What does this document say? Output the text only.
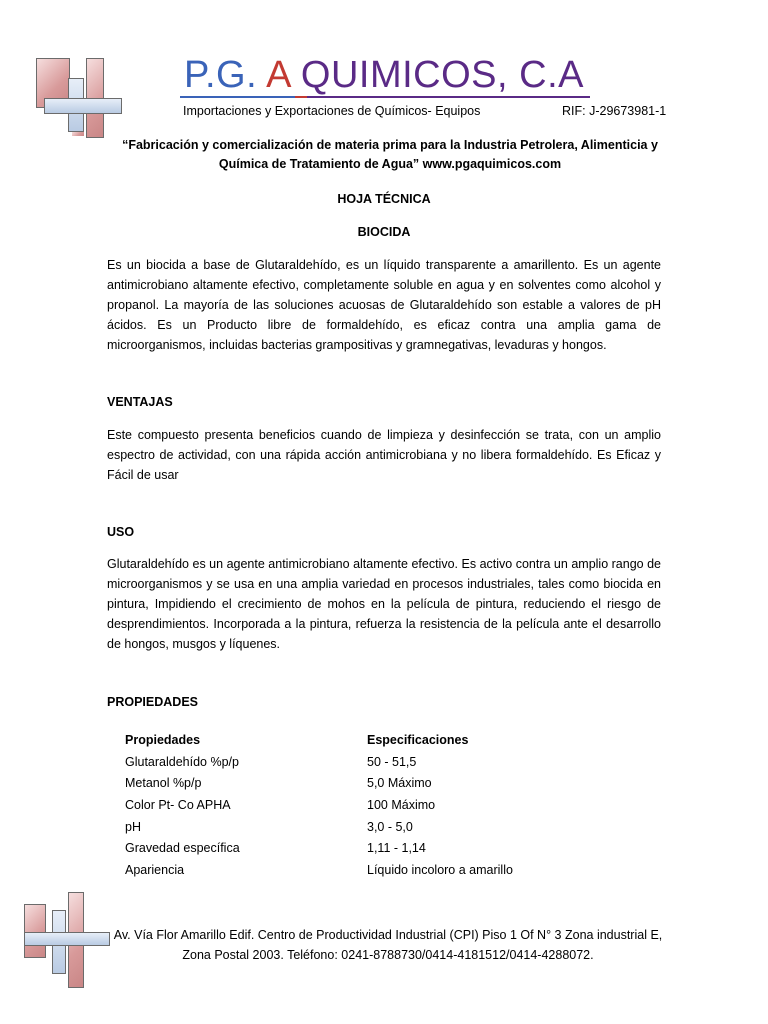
P.G. A QUIMICOS, C.A
Importaciones y Exportaciones de Químicos- Equipos	RIF: J-29673981-1
“Fabricación y comercialización de materia prima para la Industria Petrolera, Alimenticia y
Química de Tratamiento de Agua” www.pgaquimicos.com
HOJA TÉCNICA
BIOCIDA
Es un biocida a base de Glutaraldehído, es un líquido transparente a amarillento. Es un agente antimicrobiano altamente efectivo, completamente soluble en agua y en solventes como alcohol y propanol. La mayoría de las soluciones acuosas de Glutaraldehído son estable a valores de pH ácidos. Es un Producto libre de formaldehído, es eficaz contra una amplia gama de microorganismos, incluidas bacterias grampositivas y gramnegativas, levaduras y hongos.
VENTAJAS
Este compuesto presenta beneficios cuando de limpieza y desinfección se trata, con un amplio espectro de actividad, con una rápida acción antimicrobiana y no libera formaldehído. Es Eficaz y Fácil de usar
USO
Glutaraldehído es un agente antimicrobiano altamente efectivo. Es activo contra un amplio rango de microorganismos y se usa en una amplia variedad en procesos industriales, tales como biocida en pintura, Impidiendo el crecimiento de mohos en la película de pintura, reduciendo el riesgo de desprendimientos. Incorporada a la pintura, refuerza la resistencia de la película ante el desarrollo de hongos, musgos y líquenes.
PROPIEDADES
Propiedades	Especificaciones
Glutaraldehído %p/p	50 - 51,5
Metanol %p/p	5,0 Máximo
Color Pt- Co APHA	100 Máximo
pH	3,0 - 5,0
Gravedad específica	1,11 - 1,14
Apariencia	Líquido incoloro a amarillo
Av. Vía Flor Amarillo Edif. Centro de Productividad Industrial (CPI) Piso 1 Of N° 3 Zona industrial E,
Zona Postal 2003. Teléfono: 0241-8788730/0414-4181512/0414-4288072.
